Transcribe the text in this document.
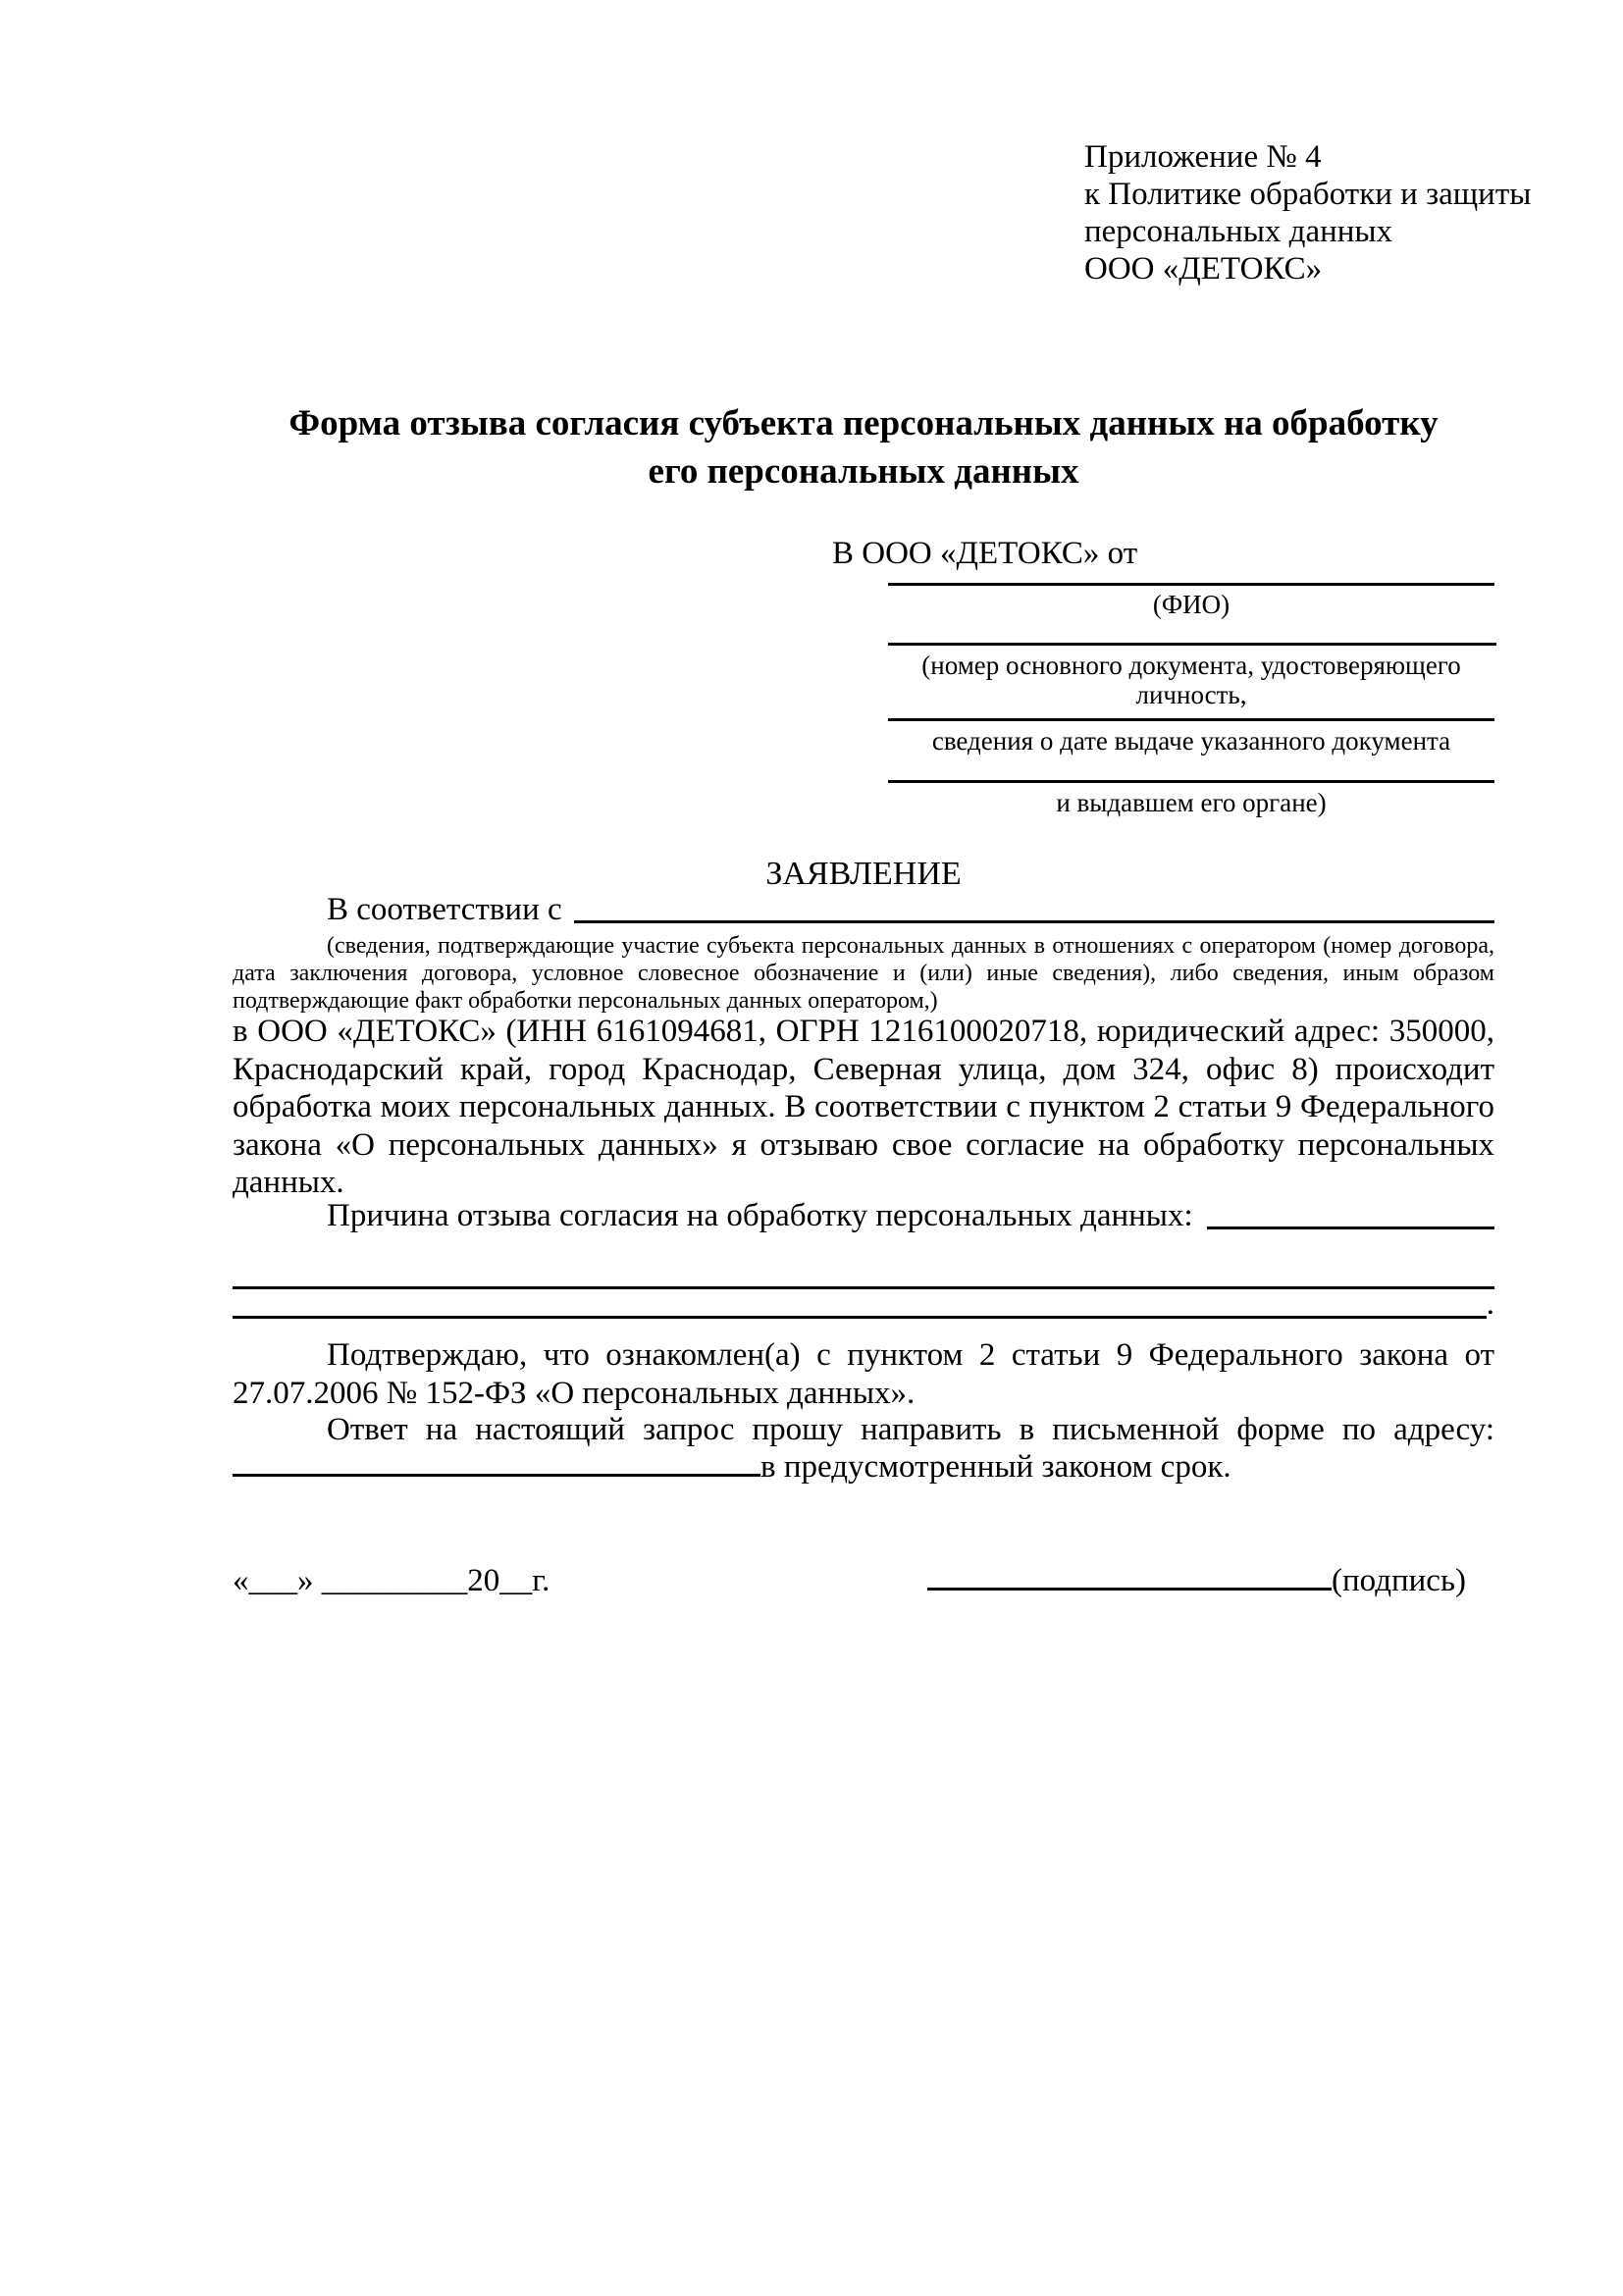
Приложение № 4
к Политике обработки и защиты
персональных данных
ООО «ДЕТОКС»
Форма отзыва согласия субъекта персональных данных на обработку
его персональных данных
В ООО «ДЕТОКС» от
(ФИО)
(номер основного документа, удостоверяющего личность,
сведения о дате выдаче указанного документа
и выдавшем его органе)
ЗАЯВЛЕНИЕ
В соответствии с
(сведения, подтверждающие участие субъекта персональных данных в отношениях с оператором (номер договора, дата заключения договора, условное словесное обозначение и (или) иные сведения), либо сведения, иным образом подтверждающие факт обработки персональных данных оператором,)
в ООО «ДЕТОКС» (ИНН 6161094681, ОГРН 1216100020718, юридический адрес: 350000, Краснодарский край, город Краснодар, Северная улица, дом 324, офис 8) происходит обработка моих персональных данных. В соответствии с пунктом 2 статьи 9 Федерального закона «О персональных данных» я отзываю свое согласие на обработку персональных данных.
Причина отзыва согласия на обработку персональных данных:
.
Подтверждаю, что ознакомлен(а) с пунктом 2 статьи 9 Федерального закона от 27.07.2006 № 152-ФЗ «О персональных данных».
Ответ на настоящий запрос прошу направить в письменной форме по адресу:
в предусмотренный законом срок.
«___» _________20__г.	(подпись)
